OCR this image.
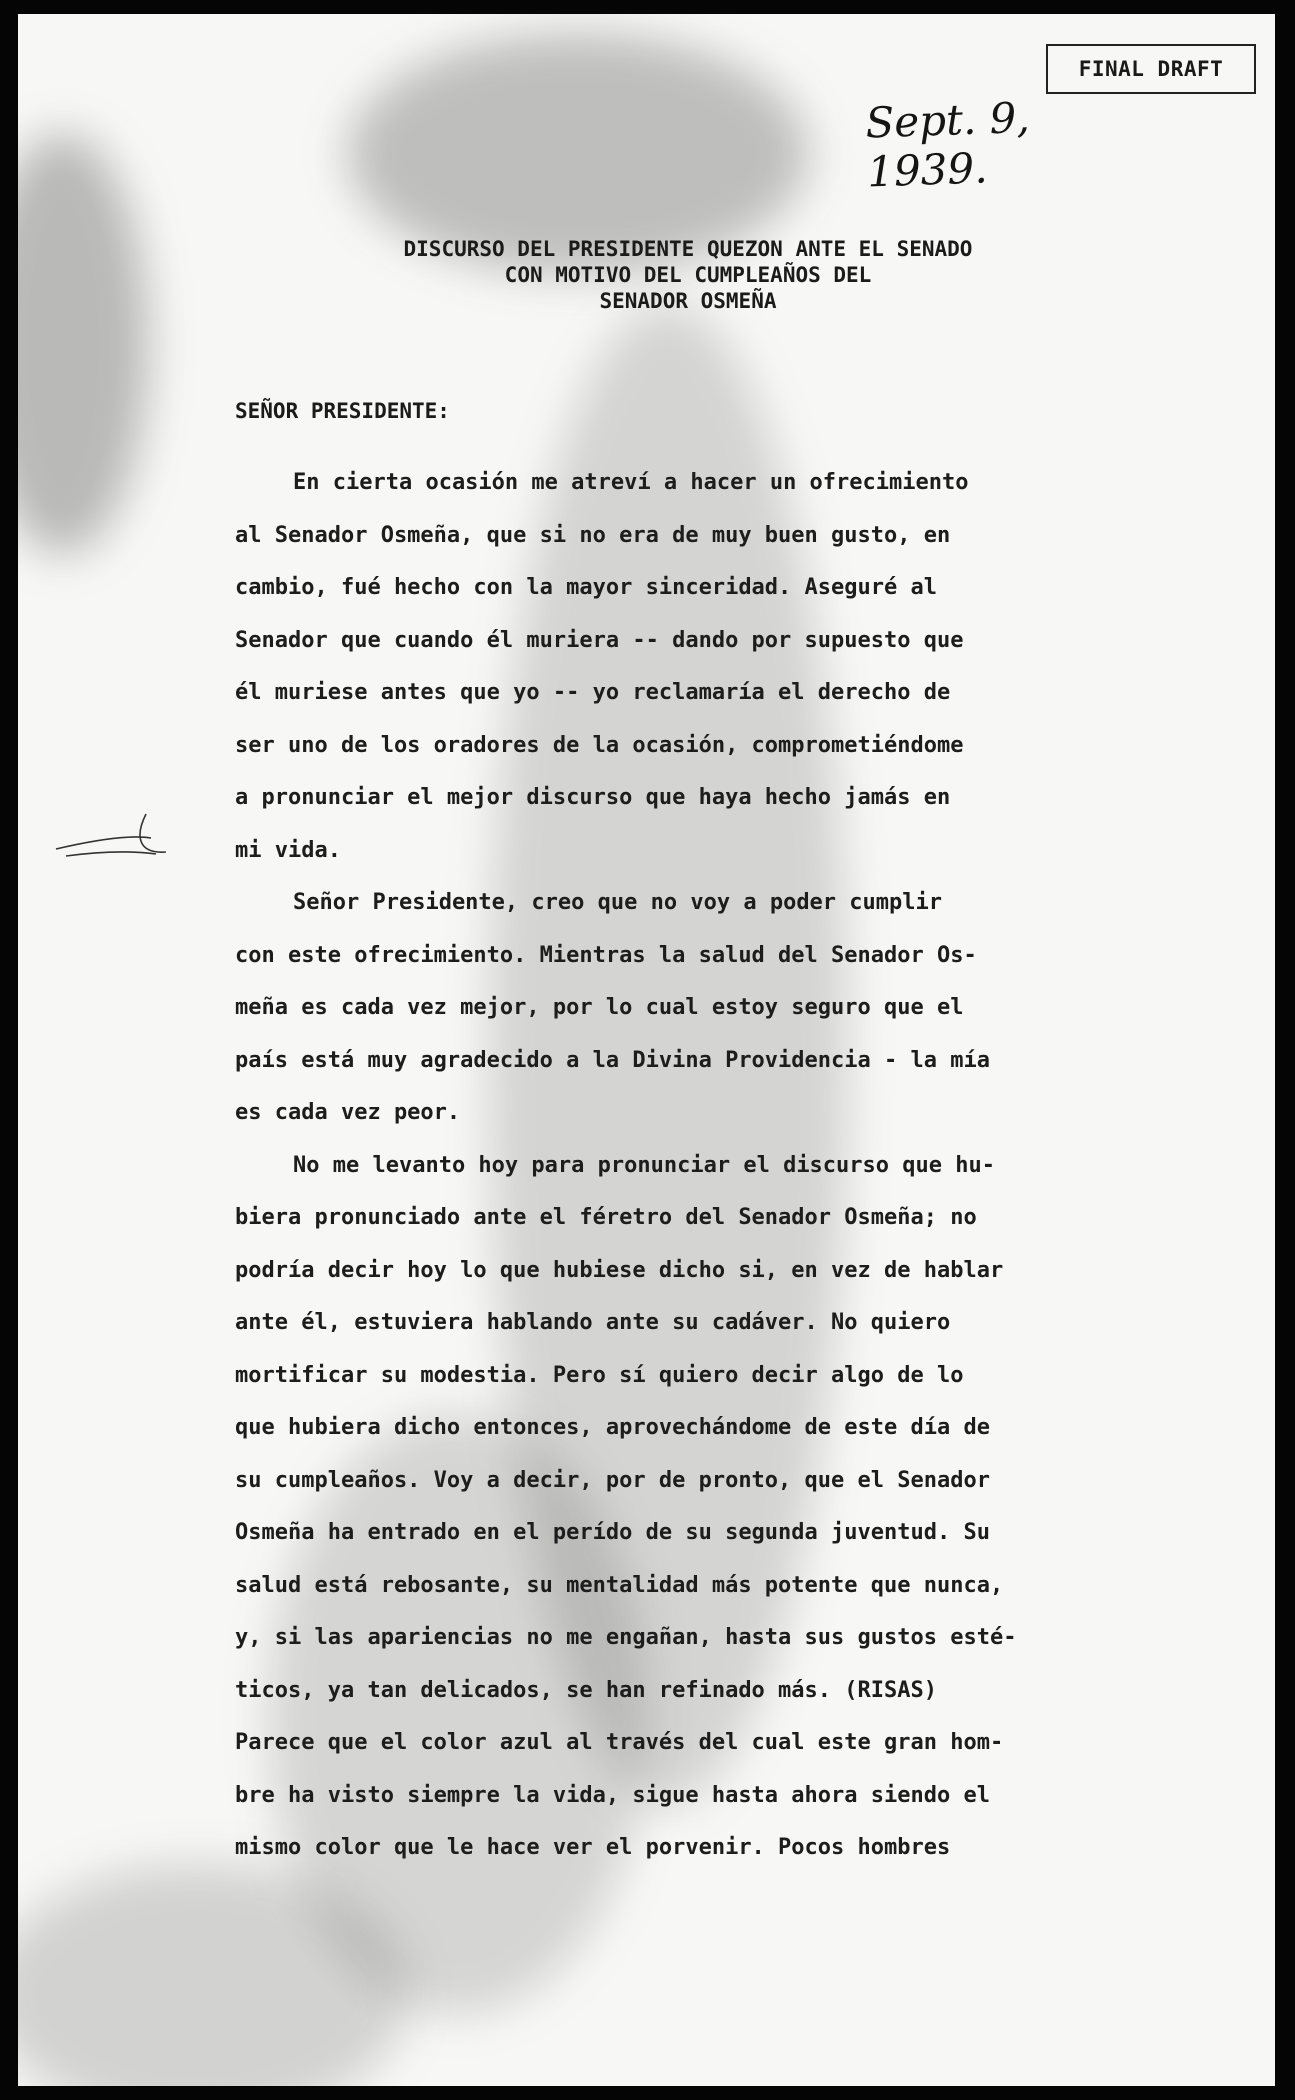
FINAL DRAFT
Sept. 9, 1939.
DISCURSO DEL PRESIDENTE QUEZON ANTE EL SENADO
CON MOTIVO DEL CUMPLEAÑOS DEL
SENADOR OSMEÑA
SEÑOR PRESIDENTE:
En cierta ocasión me atreví a hacer un ofrecimiento
al Senador Osmeña, que si no era de muy buen gusto, en
cambio, fué hecho con la mayor sinceridad. Aseguré al
Senador que cuando él muriera -- dando por supuesto que
él muriese antes que yo -- yo reclamaría el derecho de
ser uno de los oradores de la ocasión, comprometiéndome
a pronunciar el mejor discurso que haya hecho jamás en
mi vida.
Señor Presidente, creo que no voy a poder cumplir
con este ofrecimiento. Mientras la salud del Senador Os-
meña es cada vez mejor, por lo cual estoy seguro que el
país está muy agradecido a la Divina Providencia - la mía
es cada vez peor.
No me levanto hoy para pronunciar el discurso que hu-
biera pronunciado ante el féretro del Senador Osmeña; no
podría decir hoy lo que hubiese dicho si, en vez de hablar
ante él, estuviera hablando ante su cadáver. No quiero
mortificar su modestia. Pero sí quiero decir algo de lo
que hubiera dicho entonces, aprovechándome de este día de
su cumpleaños. Voy a decir, por de pronto, que el Senador
Osmeña ha entrado en el perído de su segunda juventud. Su
salud está rebosante, su mentalidad más potente que nunca,
y, si las apariencias no me engañan, hasta sus gustos esté-
ticos, ya tan delicados, se han refinado más. (RISAS)
Parece que el color azul al través del cual este gran hom-
bre ha visto siempre la vida, sigue hasta ahora siendo el
mismo color que le hace ver el porvenir. Pocos hombres
